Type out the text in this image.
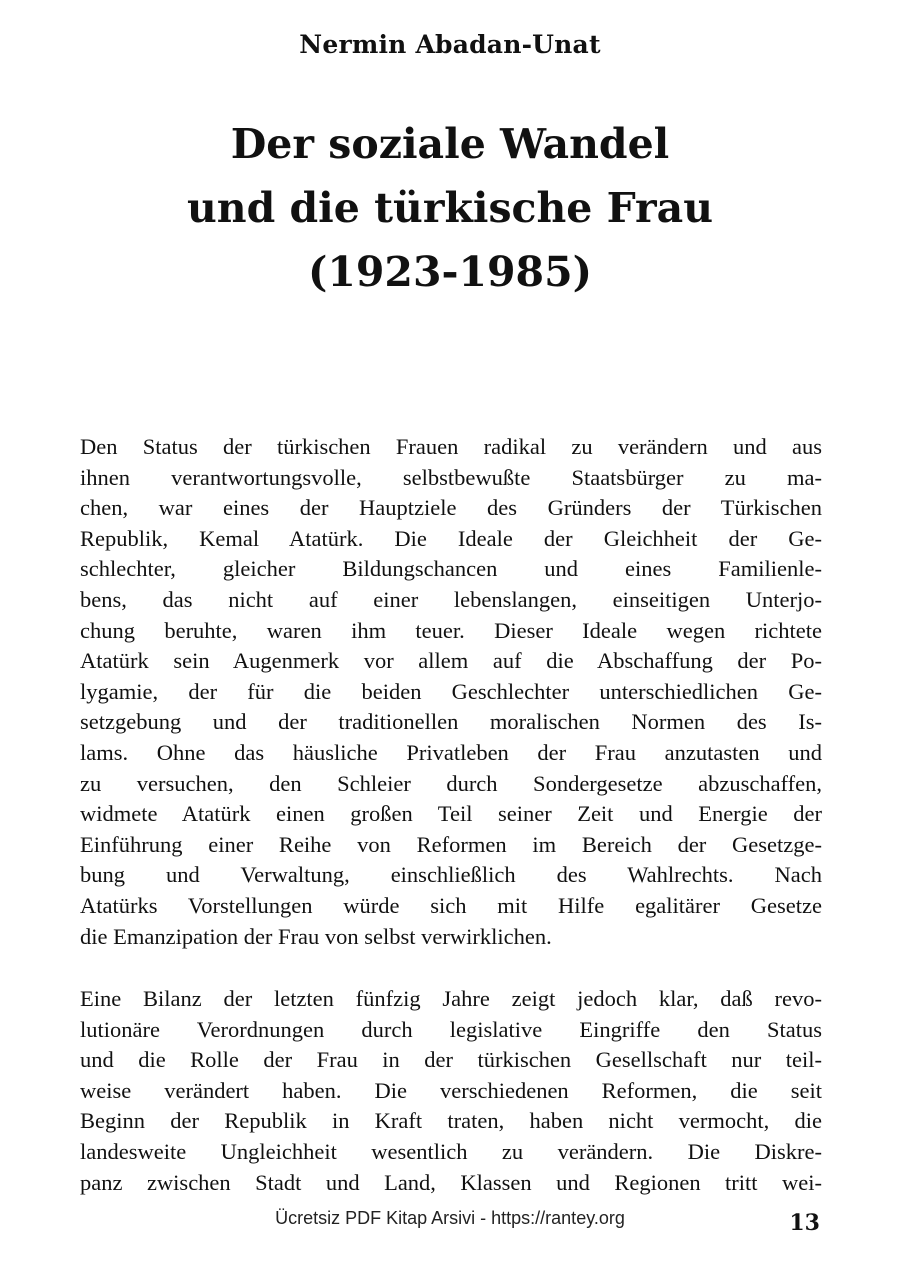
Nermin Abadan-Unat
Der soziale Wandel
und die türkische Frau
(1923-1985)
Den Status der türkischen Frauen radikal zu verändern und aus
ihnen verantwortungsvolle, selbstbewußte Staatsbürger zu ma-
chen, war eines der Hauptziele des Gründers der Türkischen
Republik, Kemal Atatürk. Die Ideale der Gleichheit der Ge-
schlechter, gleicher Bildungschancen und eines Familienle-
bens, das nicht auf einer lebenslangen, einseitigen Unterjo-
chung beruhte, waren ihm teuer. Dieser Ideale wegen richtete
Atatürk sein Augenmerk vor allem auf die Abschaffung der Po-
lygamie, der für die beiden Geschlechter unterschiedlichen Ge-
setzgebung und der traditionellen moralischen Normen des Is-
lams. Ohne das häusliche Privatleben der Frau anzutasten und
zu versuchen, den Schleier durch Sondergesetze abzuschaffen,
widmete Atatürk einen großen Teil seiner Zeit und Energie der
Einführung einer Reihe von Reformen im Bereich der Gesetzge-
bung und Verwaltung, einschließlich des Wahlrechts. Nach
Atatürks Vorstellungen würde sich mit Hilfe egalitärer Gesetze
die Emanzipation der Frau von selbst verwirklichen.
Eine Bilanz der letzten fünfzig Jahre zeigt jedoch klar, daß revo-
lutionäre Verordnungen durch legislative Eingriffe den Status
und die Rolle der Frau in der türkischen Gesellschaft nur teil-
weise verändert haben. Die verschiedenen Reformen, die seit
Beginn der Republik in Kraft traten, haben nicht vermocht, die
landesweite Ungleichheit wesentlich zu verändern. Die Diskre-
panz zwischen Stadt und Land, Klassen und Regionen tritt wei-
Ücretsiz PDF Kitap Arsivi - https://rantey.org	13
